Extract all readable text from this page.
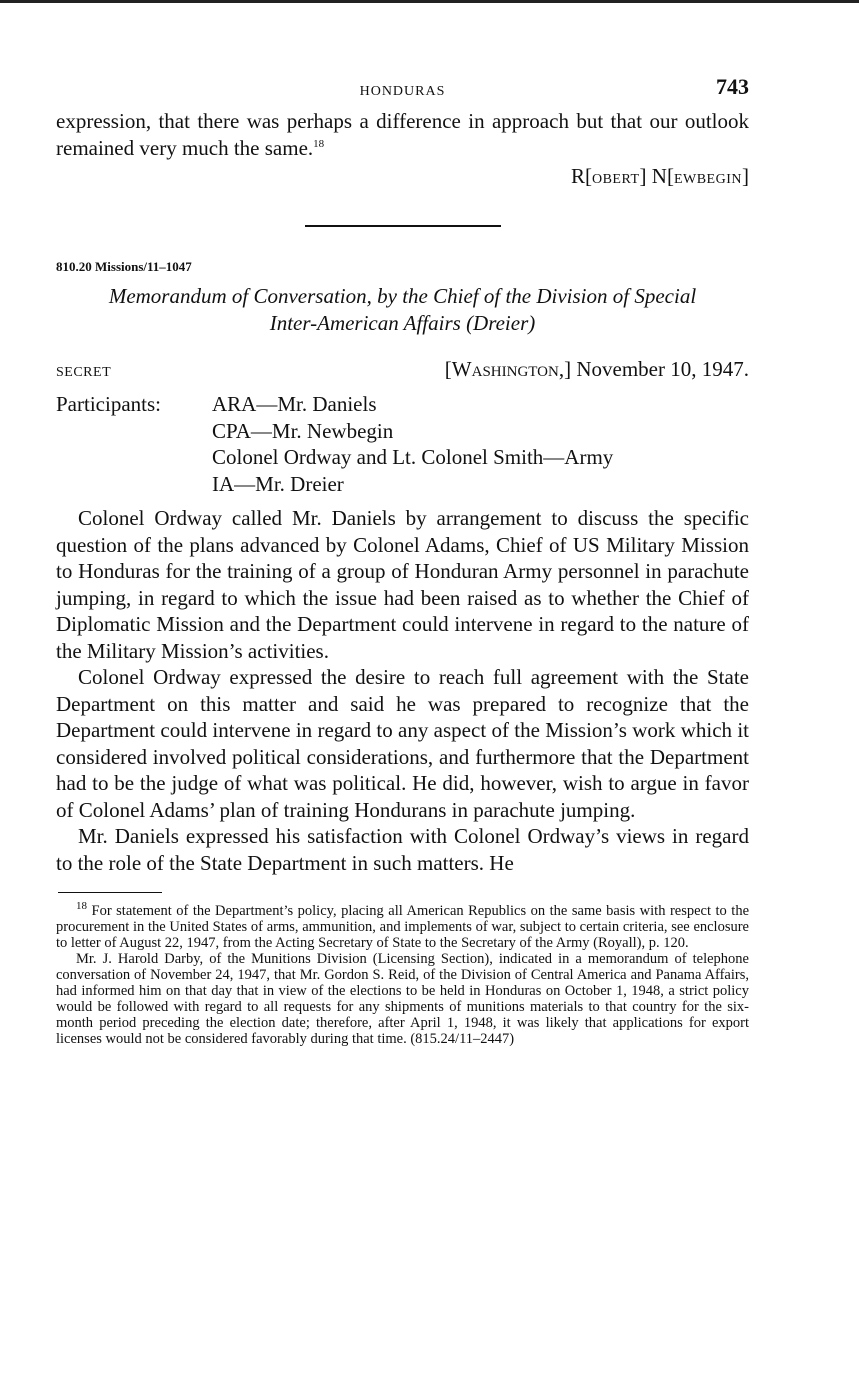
HONDURAS	743

expression, that there was perhaps a difference in approach but that our outlook remained very much the same.$^{18}$

R[OBERT] N[EWBEGIN]
810.20 Missions/11–1047
Memorandum of Conversation, by the Chief of the Division of Special
Inter-American Affairs (Dreier)
SECRET	[WASHINGTON,] November 10, 1947.
Participants:	ARA—Mr. Daniels
CPA—Mr. Newbegin
Colonel Ordway and Lt. Colonel Smith—Army
IA—Mr. Dreier

Colonel Ordway called Mr. Daniels by arrangement to discuss the specific question of the plans advanced by Colonel Adams, Chief of US Military Mission to Honduras for the training of a group of Honduran Army personnel in parachute jumping, in regard to which the issue had been raised as to whether the Chief of Diplomatic Mission and the Department could intervene in regard to the nature of the Military Mission’s activities.

Colonel Ordway expressed the desire to reach full agreement with the State Department on this matter and said he was prepared to recognize that the Department could intervene in regard to any aspect of the Mission’s work which it considered involved political considerations, and furthermore that the Department had to be the judge of what was political. He did, however, wish to argue in favor of Colonel Adams’ plan of training Hondurans in parachute jumping.

Mr. Daniels expressed his satisfaction with Colonel Ordway’s views in regard to the role of the State Department in such matters. He

$^{18}$ For statement of the Department’s policy, placing all American Republics on the same basis with respect to the procurement in the United States of arms, ammunition, and implements of war, subject to certain criteria, see enclosure to letter of August 22, 1947, from the Acting Secretary of State to the Secretary of the Army (Royall), p. 120.

Mr. J. Harold Darby, of the Munitions Division (Licensing Section), indicated in a memorandum of telephone conversation of November 24, 1947, that Mr. Gordon S. Reid, of the Division of Central America and Panama Affairs, had informed him on that day that in view of the elections to be held in Honduras on October 1, 1948, a strict policy would be followed with regard to all requests for any shipments of munitions materials to that country for the six-month period preceding the election date; therefore, after April 1, 1948, it was likely that applications for export licenses would not be considered favorably during that time. (815.24/11–2447)
